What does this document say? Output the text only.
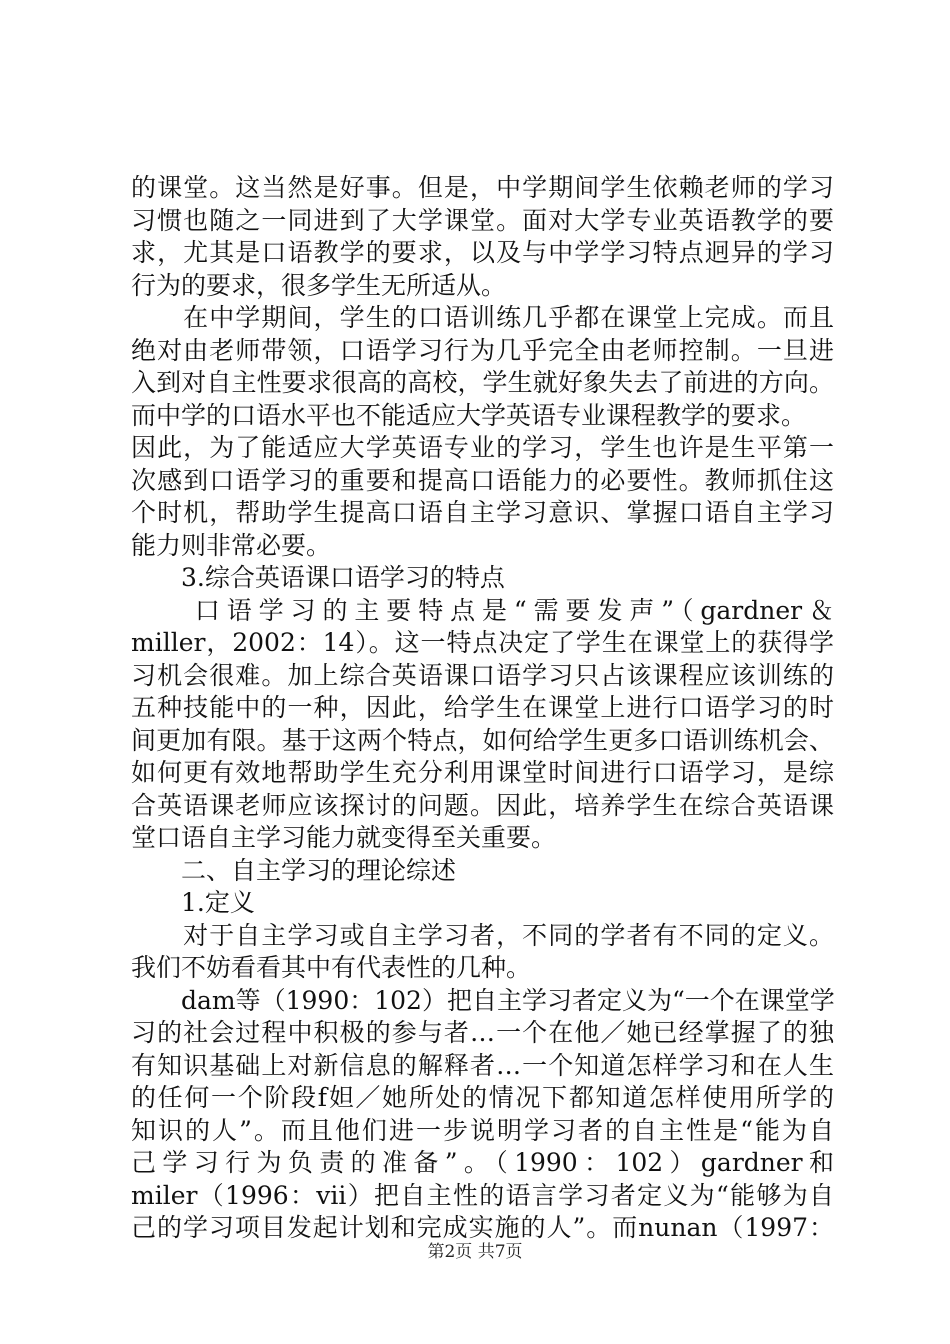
的课堂。这当然是好事。但是，中学期间学生依赖老师的学习
习惯也随之一同进到了大学课堂。面对大学专业英语教学的要
求，尤其是口语教学的要求，以及与中学学习特点迥异的学习
行为的要求，很多学生无所适从。
　　在中学期间，学生的口语训练几乎都在课堂上完成。而且
绝对由老师带领，口语学习行为几乎完全由老师控制。一旦进
入到对自主性要求很高的高校，学生就好象失去了前进的方向。
而中学的口语水平也不能适应大学英语专业课程教学的要求。
因此，为了能适应大学英语专业的学习，学生也许是生平第一
次感到口语学习的重要和提高口语能力的必要性。教师抓住这
个时机，帮助学生提高口语自主学习意识、掌握口语自主学习
能力则非常必要。
　　3.综合英语课口语学习的特点
　　口语学习的主要特点是“需要发声”（gardner＆
miller，2002：14）。这一特点决定了学生在课堂上的获得学
习机会很难。加上综合英语课口语学习只占该课程应该训练的
五种技能中的一种，因此，给学生在课堂上进行口语学习的时
间更加有限。基于这两个特点，如何给学生更多口语训练机会、
如何更有效地帮助学生充分利用课堂时间进行口语学习，是综
合英语课老师应该探讨的问题。因此，培养学生在综合英语课
堂口语自主学习能力就变得至关重要。
　　二、自主学习的理论综述
　　1.定义
　　对于自主学习或自主学习者，不同的学者有不同的定义。
我们不妨看看其中有代表性的几种。
　　dam等（1990：102）把自主学习者定义为“一个在课堂学
习的社会过程中积极的参与者…一个在他／她已经掌握了的独
有知识基础上对新信息的解释者…一个知道怎样学习和在人生
的任何一个阶段f妲／她所处的情况下都知道怎样使用所学的
知识的人”。而且他们进一步说明学习者的自主性是“能为自
己学习行为负责的准备”。（1990：102）gardner和
miler（1996：vii）把自主性的语言学习者定义为“能够为自
己的学习项目发起计划和完成实施的人”。而nunan（1997：
第2页 共7页
